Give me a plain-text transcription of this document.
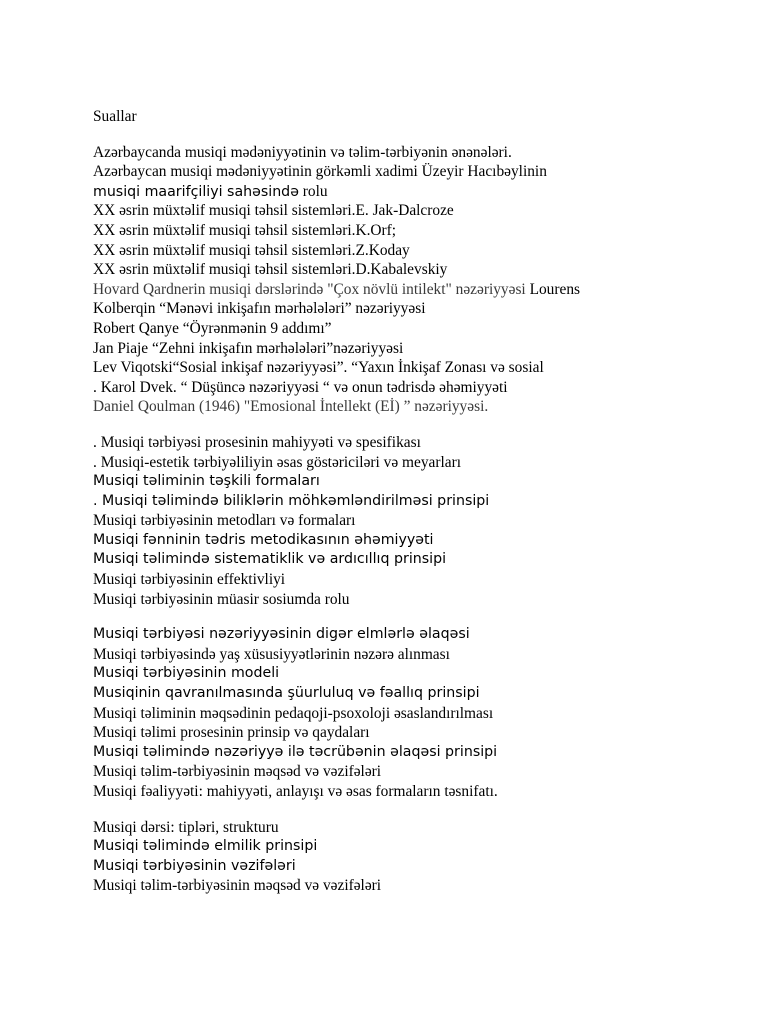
Suallar
Azərbaycanda musiqi mədəniyyətinin və təlim-tərbiyənin ənənələri.
Azərbaycan musiqi mədəniyyətinin görkəmli xadimi Üzeyir Hacıbəylinin
musiqi maarifçiliyi sahəsində rolu
XX əsrin müxtəlif musiqi təhsil sistemləri.E. Jak-Dalcroze
XX əsrin müxtəlif musiqi təhsil sistemləri.K.Orf;
XX əsrin müxtəlif musiqi təhsil sistemləri.Z.Koday
XX əsrin müxtəlif musiqi təhsil sistemləri.D.Kabalevskiy
Hovard Qardnerin musiqi dərslərində "Çox növlü intilekt" nəzəriyyəsi Lourens
Kolberqin “Mənəvi inkişafın mərhələləri” nəzəriyyəsi
Robert Qanye “Öyrənmənin 9 addımı”
Jan Piaje “Zehni inkişafın mərhələləri”nəzəriyyəsi
Lev Viqotski“Sosial inkişaf nəzəriyyəsi”. “Yaxın İnkişaf Zonası və sosial
. Karol Dvek. “ Düşüncə nəzəriyyəsi “ və onun tədrisdə əhəmiyyəti
Daniel Qoulman (1946) "Emosional İntellekt (Eİ) ” nəzəriyyəsi.
. Musiqi tərbiyəsi prosesinin mahiyyəti və spesifikası
. Musiqi-estetik tərbiyəliliyin əsas göstəriciləri və meyarları
Musiqi təliminin təşkili formaları
. Musiqi təlimində biliklərin möhkəmləndirilməsi prinsipi
Musiqi tərbiyəsinin metodları və formaları
Musiqi fənninin tədris metodikasının əhəmiyyəti
Musiqi təlimində sistematiklik və ardıcıllıq prinsipi
Musiqi tərbiyəsinin effektivliyi
Musiqi tərbiyəsinin müasir sosiumda rolu
Musiqi tərbiyəsi nəzəriyyəsinin digər elmlərlə əlaqəsi
Musiqi tərbiyəsində yaş xüsusiyyətlərinin nəzərə alınması
Musiqi tərbiyəsinin modeli
Musiqinin qavranılmasında şüurluluq və fəallıq prinsipi
Musiqi təliminin məqsədinin pedaqoji-psoxoloji əsaslandırılması
Musiqi təlimi prosesinin prinsip və qaydaları
Musiqi təlimində nəzəriyyə ilə təcrübənin əlaqəsi prinsipi
Musiqi təlim-tərbiyəsinin məqsəd və vəzifələri
Musiqi fəaliyyəti: mahiyyəti, anlayışı və əsas formaların təsnifatı.
Musiqi dərsi: tipləri, strukturu
Musiqi təlimində elmilik prinsipi
Musiqi tərbiyəsinin vəzifələri
Musiqi təlim-tərbiyəsinin məqsəd və vəzifələri
